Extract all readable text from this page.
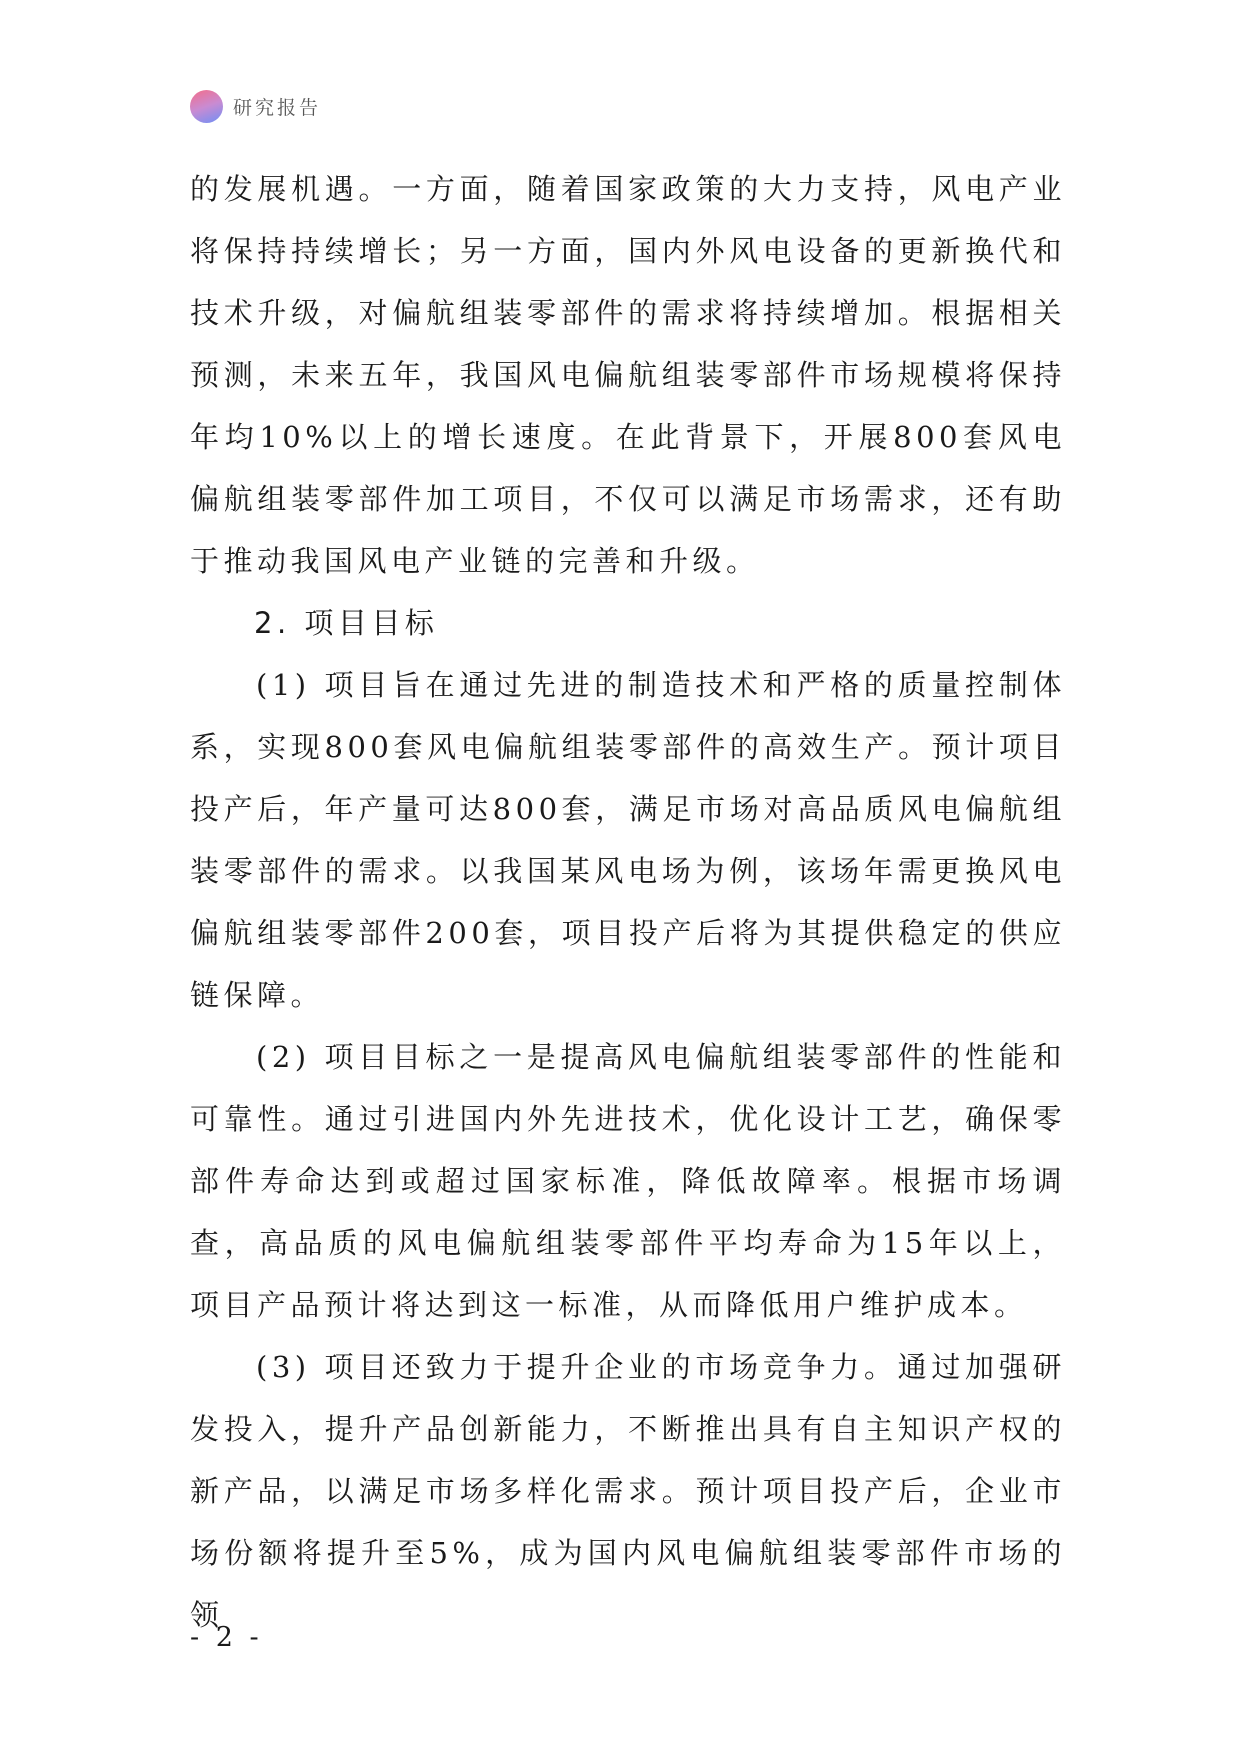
研究报告

的发展机遇。一方面，随着国家政策的大力支持，风电产业将保持持续增长；另一方面，国内外风电设备的更新换代和技术升级，对偏航组装零部件的需求将持续增加。根据相关预测，未来五年，我国风电偏航组装零部件市场规模将保持年均10%以上的增长速度。在此背景下，开展800套风电偏航组装零部件加工项目，不仅可以满足市场需求，还有助于推动我国风电产业链的完善和升级。

2. 项目目标

(1) 项目旨在通过先进的制造技术和严格的质量控制体系，实现800套风电偏航组装零部件的高效生产。预计项目投产后，年产量可达800套，满足市场对高品质风电偏航组装零部件的需求。以我国某风电场为例，该场年需更换风电偏航组装零部件200套，项目投产后将为其提供稳定的供应链保障。

(2) 项目目标之一是提高风电偏航组装零部件的性能和可靠性。通过引进国内外先进技术，优化设计工艺，确保零部件寿命达到或超过国家标准，降低故障率。根据市场调查，高品质的风电偏航组装零部件平均寿命为15年以上，项目产品预计将达到这一标准，从而降低用户维护成本。

(3) 项目还致力于提升企业的市场竞争力。通过加强研发投入，提升产品创新能力，不断推出具有自主知识产权的新产品，以满足市场多样化需求。预计项目投产后，企业市场份额将提升至5%，成为国内风电偏航组装零部件市场的领

- 2 -
